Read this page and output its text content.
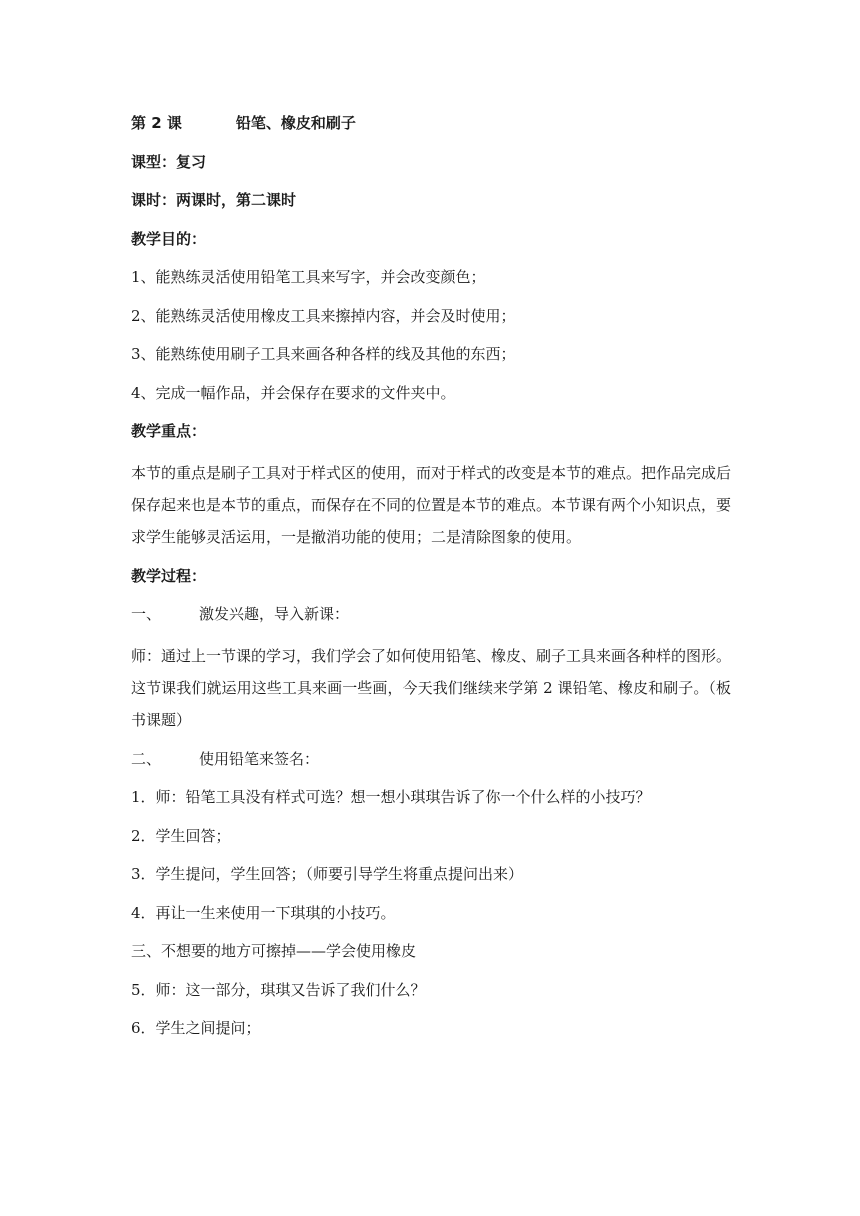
第 2 课	铅笔、橡皮和刷子

课型：复习

课时：两课时，第二课时

教学目的：

1、能熟练灵活使用铅笔工具来写字，并会改变颜色；

2、能熟练灵活使用橡皮工具来擦掉内容，并会及时使用；

3、能熟练使用刷子工具来画各种各样的线及其他的东西；

4、完成一幅作品，并会保存在要求的文件夹中。

教学重点：

本节的重点是刷子工具对于样式区的使用，而对于样式的改变是本节的难点。把作品完成后保存起来也是本节的重点，而保存在不同的位置是本节的难点。本节课有两个小知识点，要求学生能够灵活运用，一是撤消功能的使用；二是清除图象的使用。

教学过程：

一、	激发兴趣，导入新课：

师：通过上一节课的学习，我们学会了如何使用铅笔、橡皮、刷子工具来画各种样的图形。这节课我们就运用这些工具来画一些画，今天我们继续来学第 2 课铅笔、橡皮和刷子。（板书课题）

二、	使用铅笔来签名：

1．师：铅笔工具没有样式可选？想一想小琪琪告诉了你一个什么样的小技巧？

2．学生回答；

3．学生提问，学生回答；（师要引导学生将重点提问出来）

4．再让一生来使用一下琪琪的小技巧。

三、不想要的地方可擦掉——学会使用橡皮

5．师：这一部分，琪琪又告诉了我们什么？

6．学生之间提问；
